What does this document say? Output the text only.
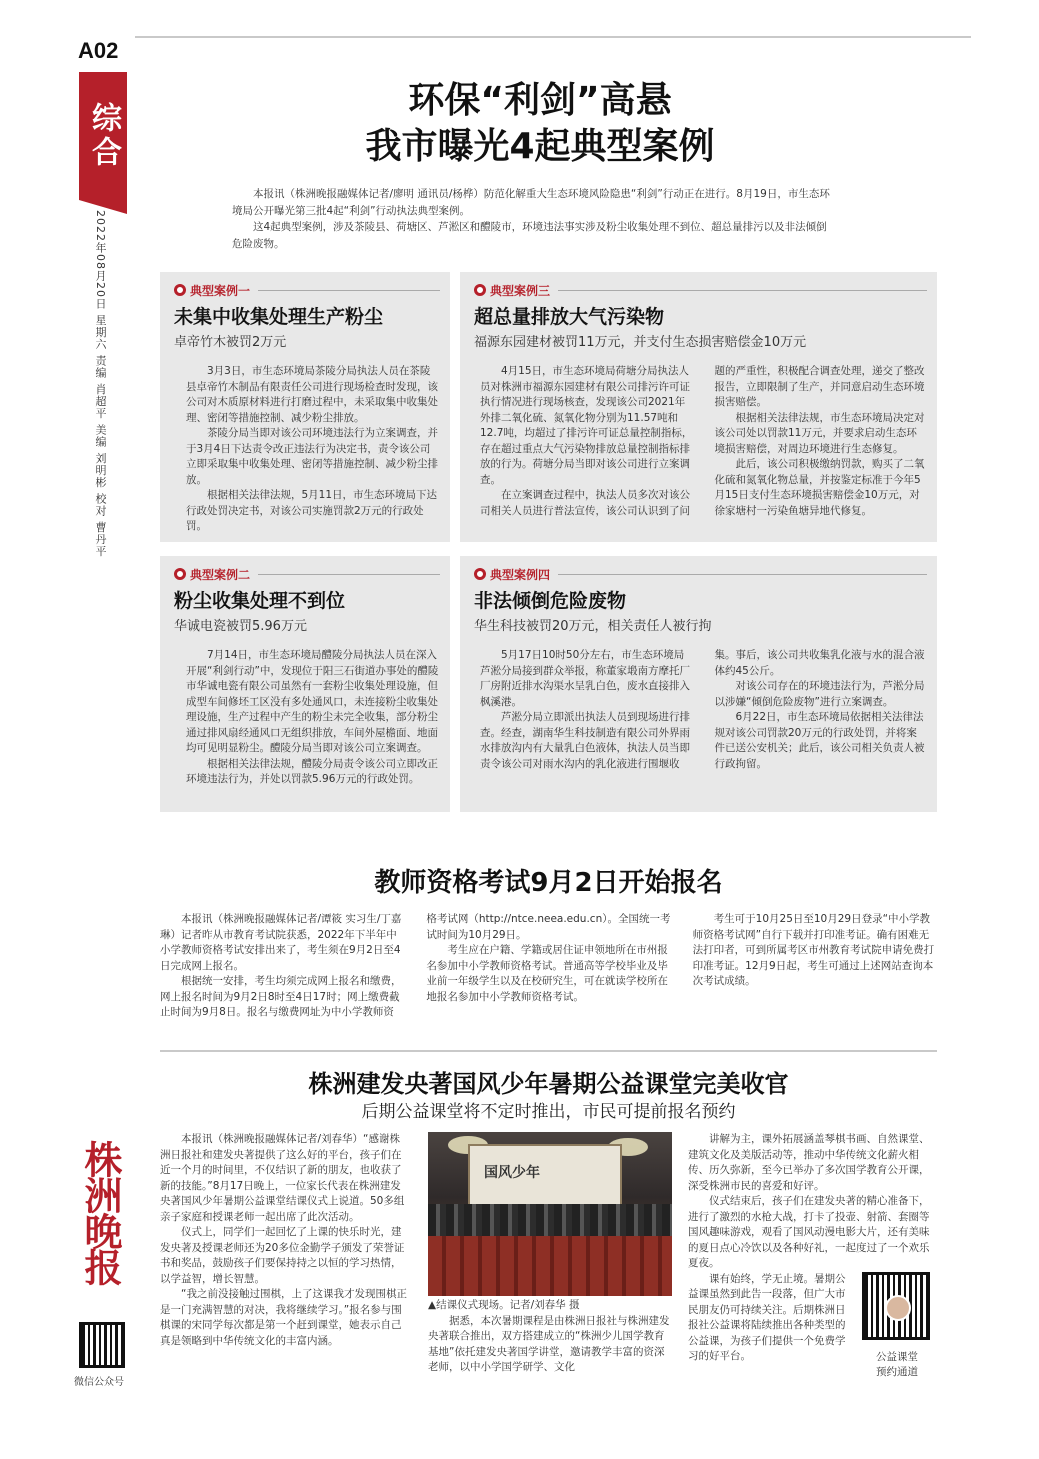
A02
综合
2022年08月20日 星期六 责编 肖超平 美编 刘明彬 校对 曹丹平
株洲晚报
微信公众号
环保“利剑”高悬
我市曝光4起典型案例

本报讯（株洲晚报融媒体记者/廖明 通讯员/杨桦）防范化解重大生态环境风险隐患“利剑”行动正在进行。8月19日，市生态环境局公开曝光第三批4起“利剑”行动执法典型案例。

这4起典型案例，涉及茶陵县、荷塘区、芦淞区和醴陵市，环境违法事实涉及粉尘收集处理不到位、超总量排污以及非法倾倒危险废物。

典型案例一
未集中收集处理生产粉尘
卓帝竹木被罚2万元

3月3日，市生态环境局茶陵分局执法人员在茶陵县卓帝竹木制品有限责任公司进行现场检查时发现，该公司对木质原材料进行打磨过程中，未采取集中收集处理、密闭等措施控制、减少粉尘排放。

茶陵分局当即对该公司环境违法行为立案调查，并于3月4日下达责令改正违法行为决定书，责令该公司立即采取集中收集处理、密闭等措施控制、减少粉尘排放。

根据相关法律法规，5月11日，市生态环境局下达行政处罚决定书，对该公司实施罚款2万元的行政处罚。

典型案例三
超总量排放大气污染物
福源东园建材被罚11万元，并支付生态损害赔偿金10万元

4月15日，市生态环境局荷塘分局执法人员对株洲市福源东园建材有限公司排污许可证执行情况进行现场核查，发现该公司2021年外排二氧化硫、氮氧化物分别为11.57吨和12.7吨，均超过了排污许可证总量控制指标，存在超过重点大气污染物排放总量控制指标排放的行为。荷塘分局当即对该公司进行立案调查。

在立案调查过程中，执法人员多次对该公司相关人员进行普法宣传，该公司认识到了问题的严重性，积极配合调查处理，递交了整改报告，立即限制了生产，并同意启动生态环境损害赔偿。

根据相关法律法规，市生态环境局决定对该公司处以罚款11万元，并要求启动生态环境损害赔偿，对周边环境进行生态修复。

此后，该公司积极缴纳罚款，购买了二氧化硫和氮氧化物总量，并按鉴定标准于今年5月15日支付生态环境损害赔偿金10万元，对徐家塘村一污染鱼塘异地代修复。

典型案例二
粉尘收集处理不到位
华诚电瓷被罚5.96万元

7月14日，市生态环境局醴陵分局执法人员在深入开展“利剑行动”中，发现位于阳三石街道办事处的醴陵市华诚电瓷有限公司虽然有一套粉尘收集处理设施，但成型车间修坯工区没有多处通风口，未连接粉尘收集处理设施，生产过程中产生的粉尘未完全收集，部分粉尘通过排风扇经通风口无组织排放，车间外屋檐面、地面均可见明显粉尘。醴陵分局当即对该公司立案调查。

根据相关法律法规，醴陵分局责令该公司立即改正环境违法行为，并处以罚款5.96万元的行政处罚。

典型案例四
非法倾倒危险废物
华生科技被罚20万元，相关责任人被行拘

5月17日10时50分左右，市生态环境局芦淞分局接到群众举报，称董家塅南方摩托厂厂房附近排水沟渠水呈乳白色，废水直接排入枫溪港。

芦淞分局立即派出执法人员到现场进行排查。经查，湖南华生科技制造有限公司外界雨水排放沟内有大量乳白色液体，执法人员当即责令该公司对雨水沟内的乳化液进行围堰收集。事后，该公司共收集乳化液与水的混合液体约45公斤。

对该公司存在的环境违法行为，芦淞分局以涉嫌“倾倒危险废物”进行立案调查。

6月22日，市生态环境局依据相关法律法规对该公司罚款20万元的行政处罚，并将案件已送公安机关；此后，该公司相关负责人被行政拘留。

教师资格考试9月2日开始报名

本报讯（株洲晚报融媒体记者/谭筱 实习生/丁嘉琳）记者昨从市教育考试院获悉，2022年下半年中小学教师资格考试安排出来了，考生须在9月2日至4日完成网上报名。

根据统一安排，考生均须完成网上报名和缴费，网上报名时间为9月2日8时至4日17时；网上缴费截止时间为9月8日。报名与缴费网址为中小学教师资格考试网（http://ntce.neea.edu.cn）。全国统一考试时间为10月29日。

考生应在户籍、学籍或居住证申领地所在市州报名参加中小学教师资格考试。普通高等学校毕业及毕业前一年级学生以及在校研究生，可在就读学校所在地报名参加中小学教师资格考试。

考生可于10月25日至10月29日登录“中小学教师资格考试网”自行下载并打印准考证。确有困难无法打印者，可到所属考区市州教育考试院申请免费打印准考证。12月9日起，考生可通过上述网站查询本次考试成绩。

株洲建发央著国风少年暑期公益课堂完美收官
后期公益课堂将不定时推出，市民可提前报名预约

本报讯（株洲晚报融媒体记者/刘春华）“感谢株洲日报社和建发央著提供了这么好的平台，孩子们在近一个月的时间里，不仅结识了新的朋友，也收获了新的技能。”8月17日晚上，一位家长代表在株洲建发央著国风少年暑期公益课堂结课仪式上说道。50多组亲子家庭和授课老师一起出席了此次活动。

仪式上，同学们一起回忆了上课的快乐时光，建发央著及授课老师还为20多位金勤学子颁发了荣誉证书和奖品，鼓励孩子们要保持持之以恒的学习热情，以学益智，增长智慧。

“我之前没接触过围棋，上了这课我才发现围棋正是一门充满智慧的对决，我将继续学习。”报名参与围棋课的宋同学每次都是第一个赶到课堂，她表示自己真是领略到中华传统文化的丰富内涵。

国风少年

▲结课仪式现场。记者/刘春华 摄

据悉，本次暑期课程是由株洲日报社与株洲建发央著联合推出，双方搭建成立的“株洲少儿国学教育基地”依托建发央著国学讲堂，邀请教学丰富的资深老师，以中小学国学研学、文化

讲解为主，课外拓展涵盖琴棋书画、自然课堂、建筑文化及美版活动等，推动中华传统文化薪火相传、历久弥新，至今已举办了多次国学教育公开课，深受株洲市民的喜爱和好评。

仪式结束后，孩子们在建发央著的精心准备下，进行了激烈的水枪大战，打卡了投壶、射箭、套圈等国风趣味游戏，观看了国风动漫电影大片，还有美味的夏日点心冷饮以及各种好礼，一起度过了一个欢乐夏夜。

课有始终，学无止境。暑期公益课虽然到此告一段落，但广大市民朋友仍可持续关注。后期株洲日报社公益课将陆续推出各种类型的公益课，为孩子们提供一个免费学习的好平台。	公益课堂
预约通道
